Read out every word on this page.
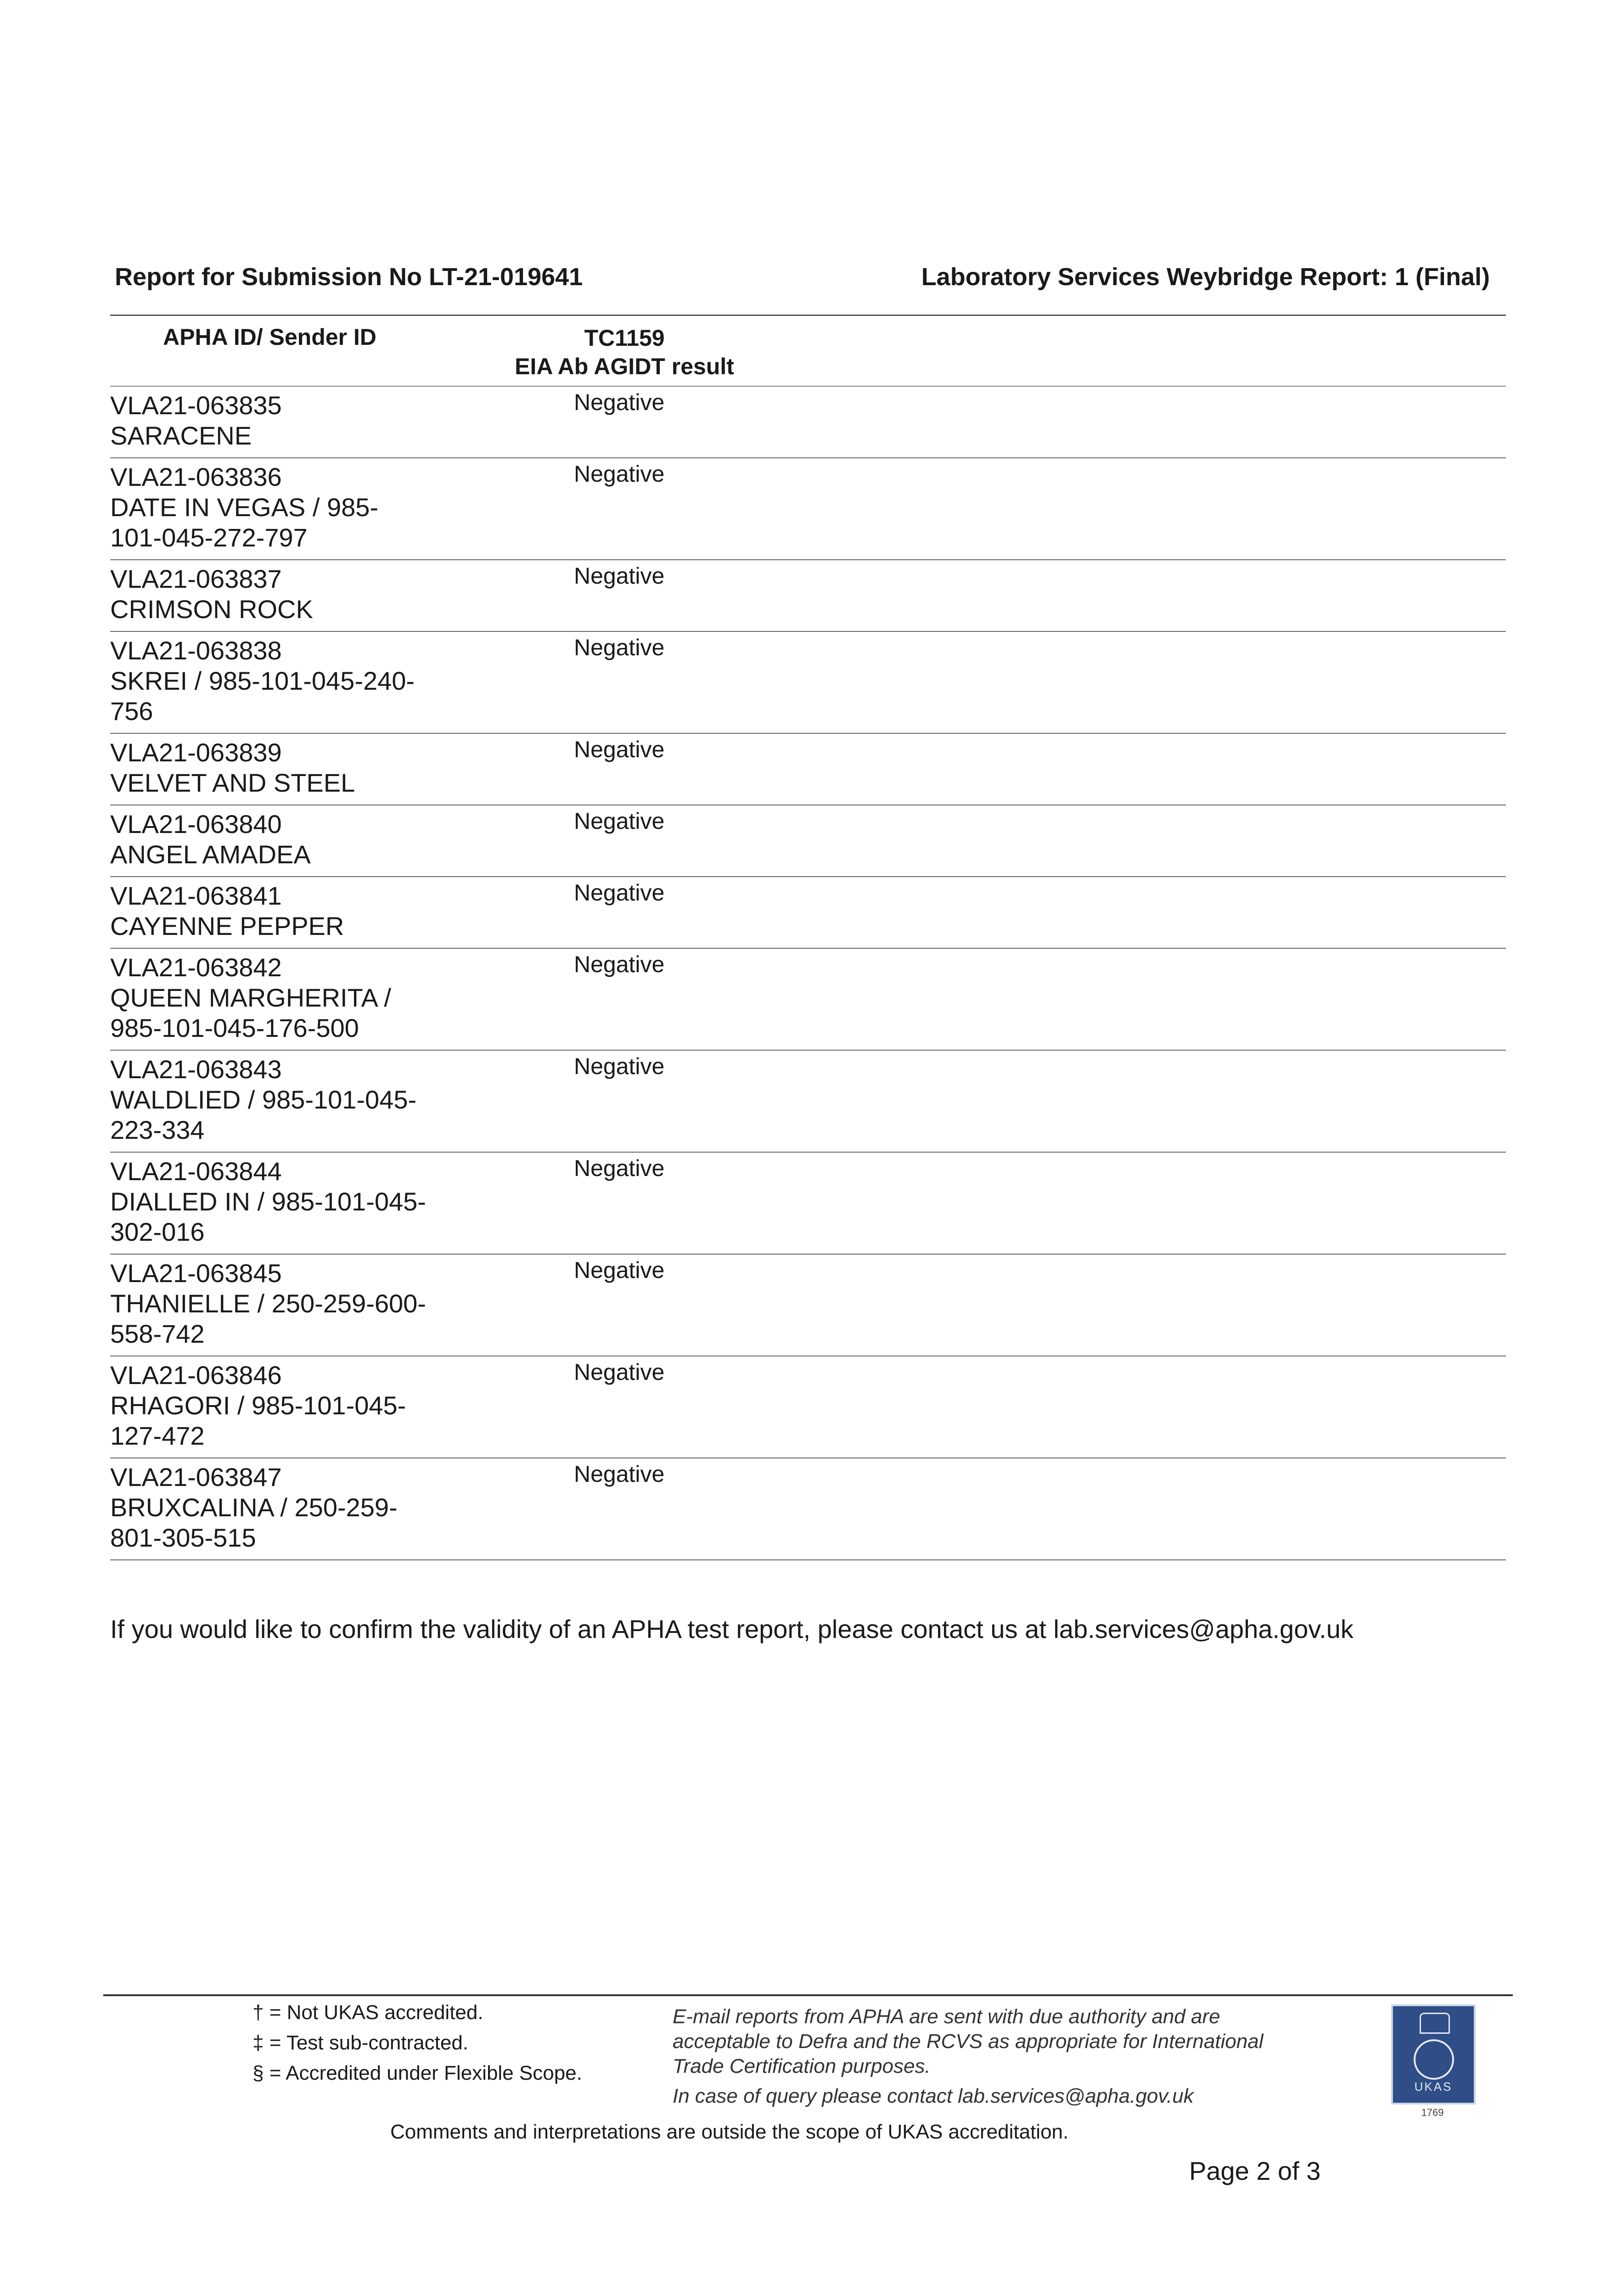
Report for Submission No LT-21-019641	Laboratory Services Weybridge Report: 1 (Final)
APHA ID/ Sender ID	TC1159
EIA Ab AGIDT result
VLA21-063835
SARACENE
Negative
VLA21-063836
DATE IN VEGAS / 985-
101-045-272-797
Negative
VLA21-063837
CRIMSON ROCK
Negative
VLA21-063838
SKREI / 985-101-045-240-
756
Negative
VLA21-063839
VELVET AND STEEL
Negative
VLA21-063840
ANGEL AMADEA
Negative
VLA21-063841
CAYENNE PEPPER
Negative
VLA21-063842
QUEEN MARGHERITA /
985-101-045-176-500
Negative
VLA21-063843
WALDLIED / 985-101-045-
223-334
Negative
VLA21-063844
DIALLED IN / 985-101-045-
302-016
Negative
VLA21-063845
THANIELLE / 250-259-600-
558-742
Negative
VLA21-063846
RHAGORI / 985-101-045-
127-472
Negative
VLA21-063847
BRUXCALINA / 250-259-
801-305-515
Negative
If you would like to confirm the validity of an APHA test report, please contact us at lab.services@apha.gov.uk
† = Not UKAS accredited.
‡ = Test sub-contracted.
§ = Accredited under Flexible Scope.
E-mail reports from APHA are sent with due authority and are acceptable to Defra and the RCVS as appropriate for International Trade Certification purposes.
In case of query please contact lab.services@apha.gov.uk
Comments and interpretations are outside the scope of UKAS accreditation.
Page 2 of 3
UKAS
1769
